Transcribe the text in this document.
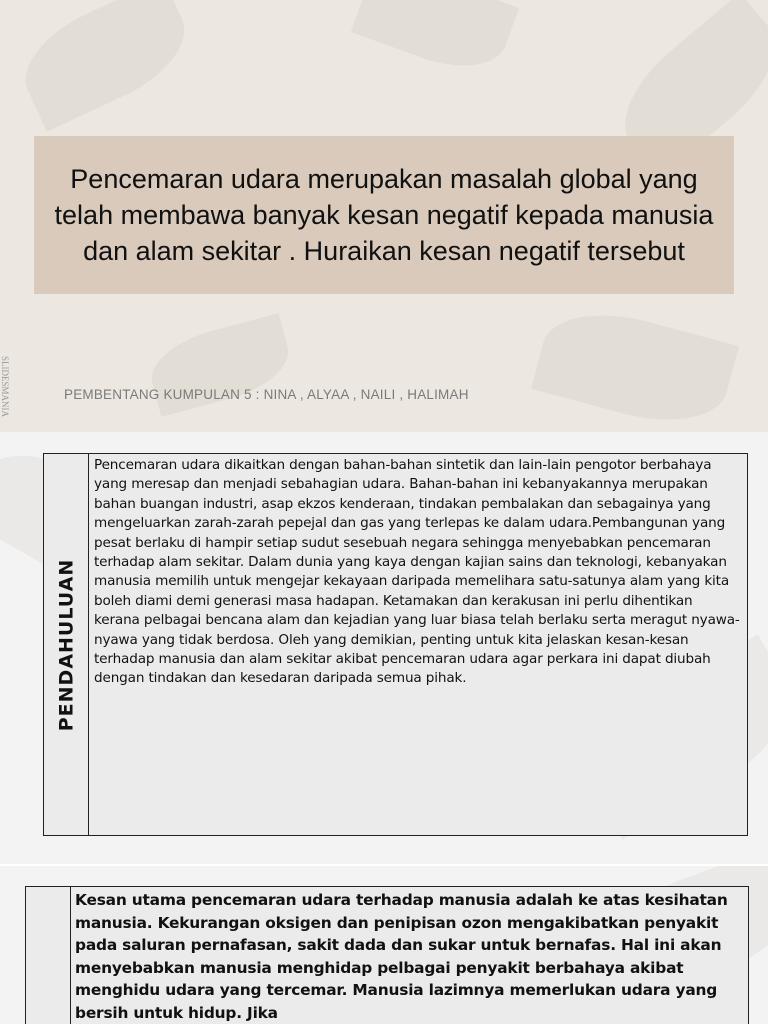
Pencemaran udara merupakan masalah global yang telah membawa banyak kesan negatif kepada manusia dan alam sekitar . Huraikan kesan negatif tersebut
PEMBENTANG KUMPULAN 5 : NINA , ALYAA , NAILI , HALIMAH
SLIDESMANIA
PENDAHULUAN
Pencemaran udara dikaitkan dengan bahan-bahan sintetik dan lain-lain pengotor berbahaya yang meresap dan menjadi sebahagian udara. Bahan-bahan ini kebanyakannya merupakan bahan buangan industri, asap ekzos kenderaan, tindakan pembalakan dan sebagainya yang mengeluarkan zarah-zarah pepejal dan gas yang terlepas ke dalam udara.Pembangunan yang pesat berlaku di hampir setiap sudut sesebuah negara sehingga menyebabkan pencemaran terhadap alam sekitar. Dalam dunia yang kaya dengan kajian sains dan teknologi, kebanyakan manusia memilih untuk mengejar kekayaan daripada memelihara satu-satunya alam yang kita boleh diami demi generasi masa hadapan. Ketamakan dan kerakusan ini perlu dihentikan kerana pelbagai bencana alam dan kejadian yang luar biasa telah berlaku serta meragut nyawa-nyawa yang tidak berdosa. Oleh yang demikian, penting untuk kita jelaskan kesan-kesan terhadap manusia dan alam sekitar akibat pencemaran udara agar perkara ini dapat diubah dengan tindakan dan kesedaran daripada semua pihak.
Kesan utama pencemaran udara terhadap manusia adalah ke atas kesihatan manusia. Kekurangan oksigen dan penipisan ozon mengakibatkan penyakit pada saluran pernafasan, sakit dada dan sukar untuk bernafas. Hal ini akan menyebabkan manusia menghidap pelbagai penyakit berbahaya akibat menghidu udara yang tercemar. Manusia lazimnya memerlukan udara yang bersih untuk hidup. Jika
